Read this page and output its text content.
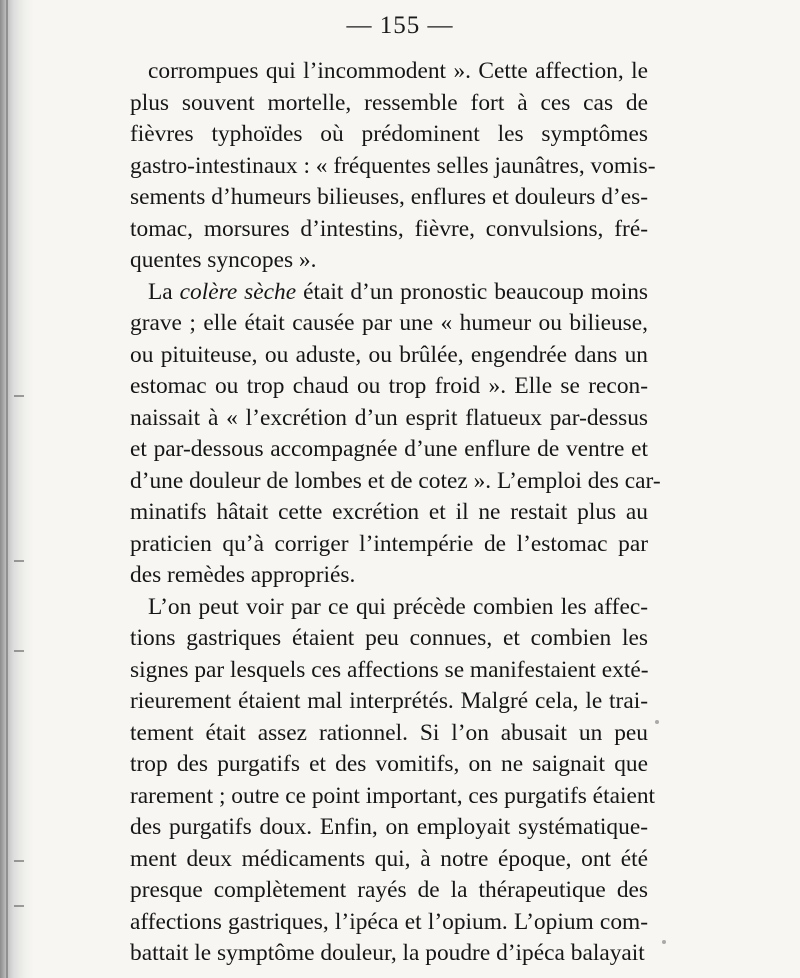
— 155 —
corrompues qui l’incommodent ». Cette affection, le
plus souvent mortelle, ressemble fort à ces cas de
fièvres typhoïdes où prédominent les symptômes
gastro-intestinaux : « fréquentes selles jaunâtres, vomis-
sements d’humeurs bilieuses, enflures et douleurs d’es-
tomac, morsures d’intestins, fièvre, convulsions, fré-
quentes syncopes ».
La colère sèche était d’un pronostic beaucoup moins
grave ; elle était causée par une « humeur ou bilieuse,
ou pituiteuse, ou aduste, ou brûlée, engendrée dans un
estomac ou trop chaud ou trop froid ». Elle se recon-
naissait à « l’excrétion d’un esprit flatueux par-dessus
et par-dessous accompagnée d’une enflure de ventre et
d’une douleur de lombes et de cotez ». L’emploi des car-
minatifs hâtait cette excrétion et il ne restait plus au
praticien qu’à corriger l’intempérie de l’estomac par
des remèdes appropriés.
L’on peut voir par ce qui précède combien les affec-
tions gastriques étaient peu connues, et combien les
signes par lesquels ces affections se manifestaient exté-
rieurement étaient mal interprétés. Malgré cela, le trai-
tement était assez rationnel. Si l’on abusait un peu
trop des purgatifs et des vomitifs, on ne saignait que
rarement ; outre ce point important, ces purgatifs étaient
des purgatifs doux. Enfin, on employait systématique-
ment deux médicaments qui, à notre époque, ont été
presque complètement rayés de la thérapeutique des
affections gastriques, l’ipéca et l’opium. L’opium com-
battait le symptôme douleur, la poudre d’ipéca balayait
